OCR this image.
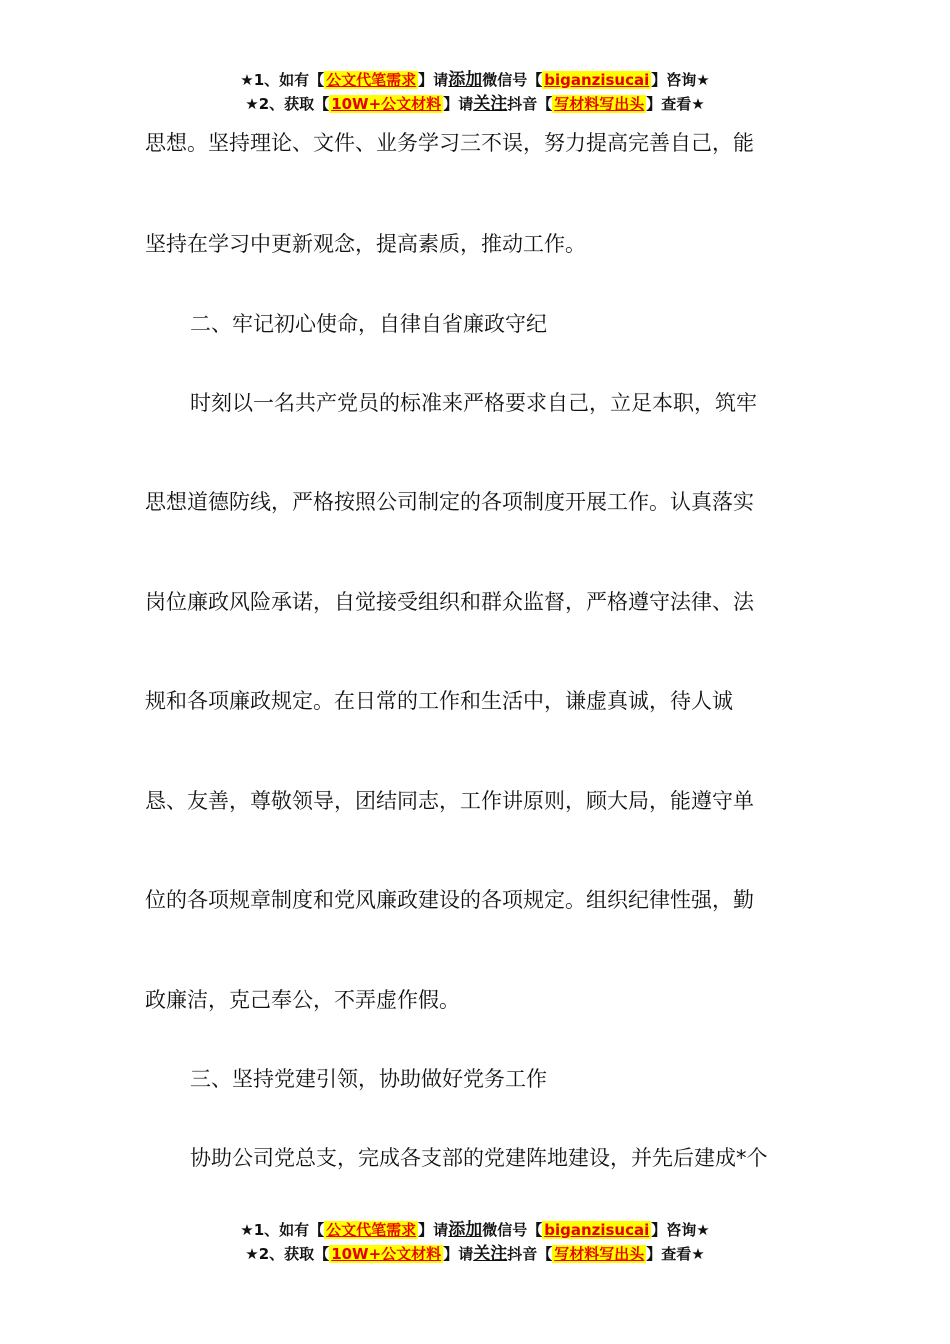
★1、如有【 公文代笔需求 】请添加微信号【 biganzisucai 】咨询★
★2、获取【 10W+公文材料 】请关注抖音【 写材料写出头 】查看★
思想。坚持理论、文件、业务学习三不误，努力提高完善自己，能
坚持在学习中更新观念，提高素质，推动工作。
二、牢记初心使命，自律自省廉政守纪
时刻以一名共产党员的标准来严格要求自己，立足本职，筑牢
思想道德防线，严格按照公司制定的各项制度开展工作。认真落实
岗位廉政风险承诺，自觉接受组织和群众监督，严格遵守法律、法
规和各项廉政规定。在日常的工作和生活中，谦虚真诚，待人诚
恳、友善，尊敬领导，团结同志，工作讲原则，顾大局，能遵守单
位的各项规章制度和党风廉政建设的各项规定。组织纪律性强，勤
政廉洁，克己奉公，不弄虚作假。
三、坚持党建引领，协助做好党务工作
协助公司党总支，完成各支部的党建阵地建设，并先后建成*个
★1、如有【 公文代笔需求 】请添加微信号【 biganzisucai 】咨询★
★2、获取【 10W+公文材料 】请关注抖音【 写材料写出头 】查看★
